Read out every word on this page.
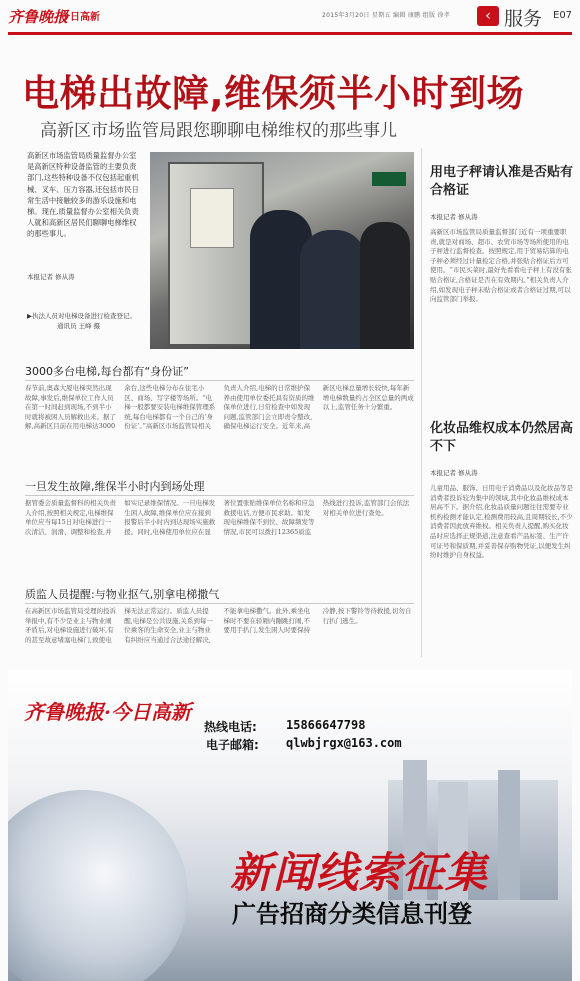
齐鲁晚报
今日高新	2015年3月20日 星期五 编辑 康鹏 组版 徐孝	‹ 服务 E07
电梯出故障,维保须半小时到场
高新区市场监管局跟您聊聊电梯维权的那些事儿
高新区市场监管局质量监督办公室是高新区特种设备监管的主要负责部门,这些特种设备不仅包括起重机械、叉车、压力容器,还包括市民日常生活中接触较多的游乐设施和电梯。现在,质量监督办公室相关负责人就和高新区居民们聊聊电梯维权的那些事儿。
本报记者 修从涛
▶执法人员对电梯设备进行检查登记。
通讯员 王峰 摄
3000多台电梯,每台都有“身份证”
春节前,奥森大厦电梯突然出现故障,事发后,维保单位工作人员在第一时间赶到现场,不到半小时就将被困人员解救出来。据了解,高新区目前在用电梯达3000余台,这些电梯分布在住宅小区、商场、写字楼等场所。“电梯一般都要安装电梯维保管理系统,每台电梯都有一个自己的‘身份证’。”高新区市场监管局相关负责人介绍,电梯的日常维护保养由使用单位委托具有资质的维保单位进行,日常检查中如发现问题,监管部门会立即责令整改,确保电梯运行安全。近年来,高新区电梯总量增长较快,每年新增电梯数量约占全区总量的两成以上,监管任务十分繁重。
一旦发生故障,维保半小时内到场处理
据管委会质量监督科的相关负责人介绍,按照相关规定,电梯维保单位应当每15日对电梯进行一次清洁、润滑、调整和检查,并如实记录维保情况。一旦电梯发生困人故障,维保单位应在接到报警后半小时内到达现场实施救援。同时,电梯使用单位应在显著位置张贴维保单位名称和应急救援电话,方便市民求助。如发现电梯维保不到位、故障频发等情况,市民可以拨打12365质监热线进行投诉,监管部门会依法对相关单位进行查处。
质监人员提醒:与物业抠气,别拿电梯撒气
在高新区市场监管局受理的投诉举报中,有不少是业主与物业闹矛盾后,对电梯设施进行破坏,有的甚至故意堵塞电梯门,致使电梯无法正常运行。质监人员提醒,电梯是公共设施,关系到每一位乘客的生命安全,业主与物业有纠纷应当通过合法途径解决,不能拿电梯撒气。此外,乘坐电梯时不要在轿厢内蹦跳打闹,不要用手扒门,发生困人时要保持冷静,按下警铃等待救援,切勿自行扒门逃生。
用电子秤请认准是否贴有合格证
本报记者 修从涛
高新区市场监管局质量监督部门近有一项重要职责,就是对商场、超市、农贸市场等场所使用的电子秤进行监督检查。按照规定,用于贸易结算的电子秤必须经过计量检定合格,并张贴合格证后方可使用。“市民买菜时,最好先看看电子秤上有没有张贴合格证,合格证是否在有效期内。”相关负责人介绍,如发现电子秤未贴合格证或者合格证过期,可以向监管部门举报。
化妆品维权成本仍然居高不下
本报记者 修从涛
儿童用品、服饰、日用电子消费品以及化妆品等是消费者投诉较为集中的领域,其中化妆品维权成本居高不下。据介绍,化妆品质量问题往往需要专业机构检测才能认定,检测费用较高,且周期较长,不少消费者因此放弃维权。相关负责人提醒,购买化妆品时应选择正规渠道,注意查看产品标签、生产许可证号和保质期,并妥善保存购物凭证,以便发生纠纷时维护自身权益。
齐鲁晚报·今日高新
热线电话: 15866647798
电子邮箱: qlwbjrgx@163.com
新闻线索征集
广告招商分类信息刊登
